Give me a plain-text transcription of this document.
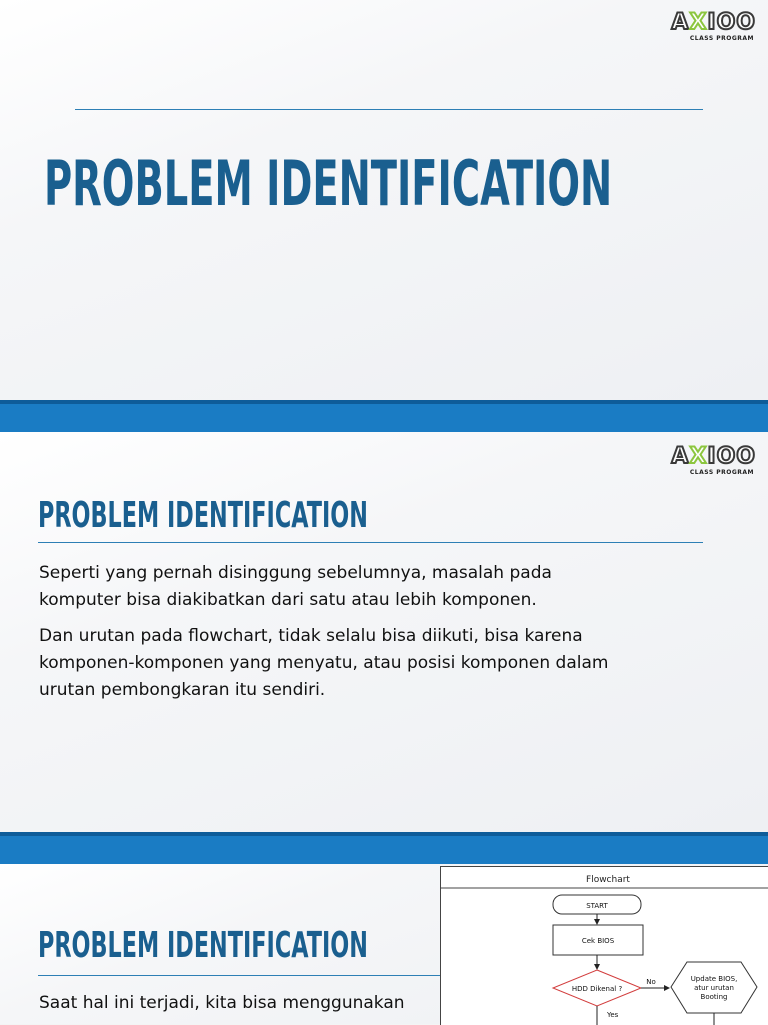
AXIOO
CLASS PROGRAM
PROBLEM IDENTIFICATION
AXIOO
CLASS PROGRAM
PROBLEM IDENTIFICATION

Seperti yang pernah disinggung sebelumnya, masalah pada komputer bisa diakibatkan dari satu atau lebih komponen.

Dan urutan pada flowchart, tidak selalu bisa diikuti, bisa karena komponen-komponen yang menyatu, atau posisi komponen dalam urutan pembongkaran itu sendiri.

PROBLEM IDENTIFICATION

Saat hal ini terjadi, kita bisa menggunakan

Flowchart
START
Cek BIOS
HDD Dikenal ?
No	Update BIOS,
atur urutan
Booting
Yes
